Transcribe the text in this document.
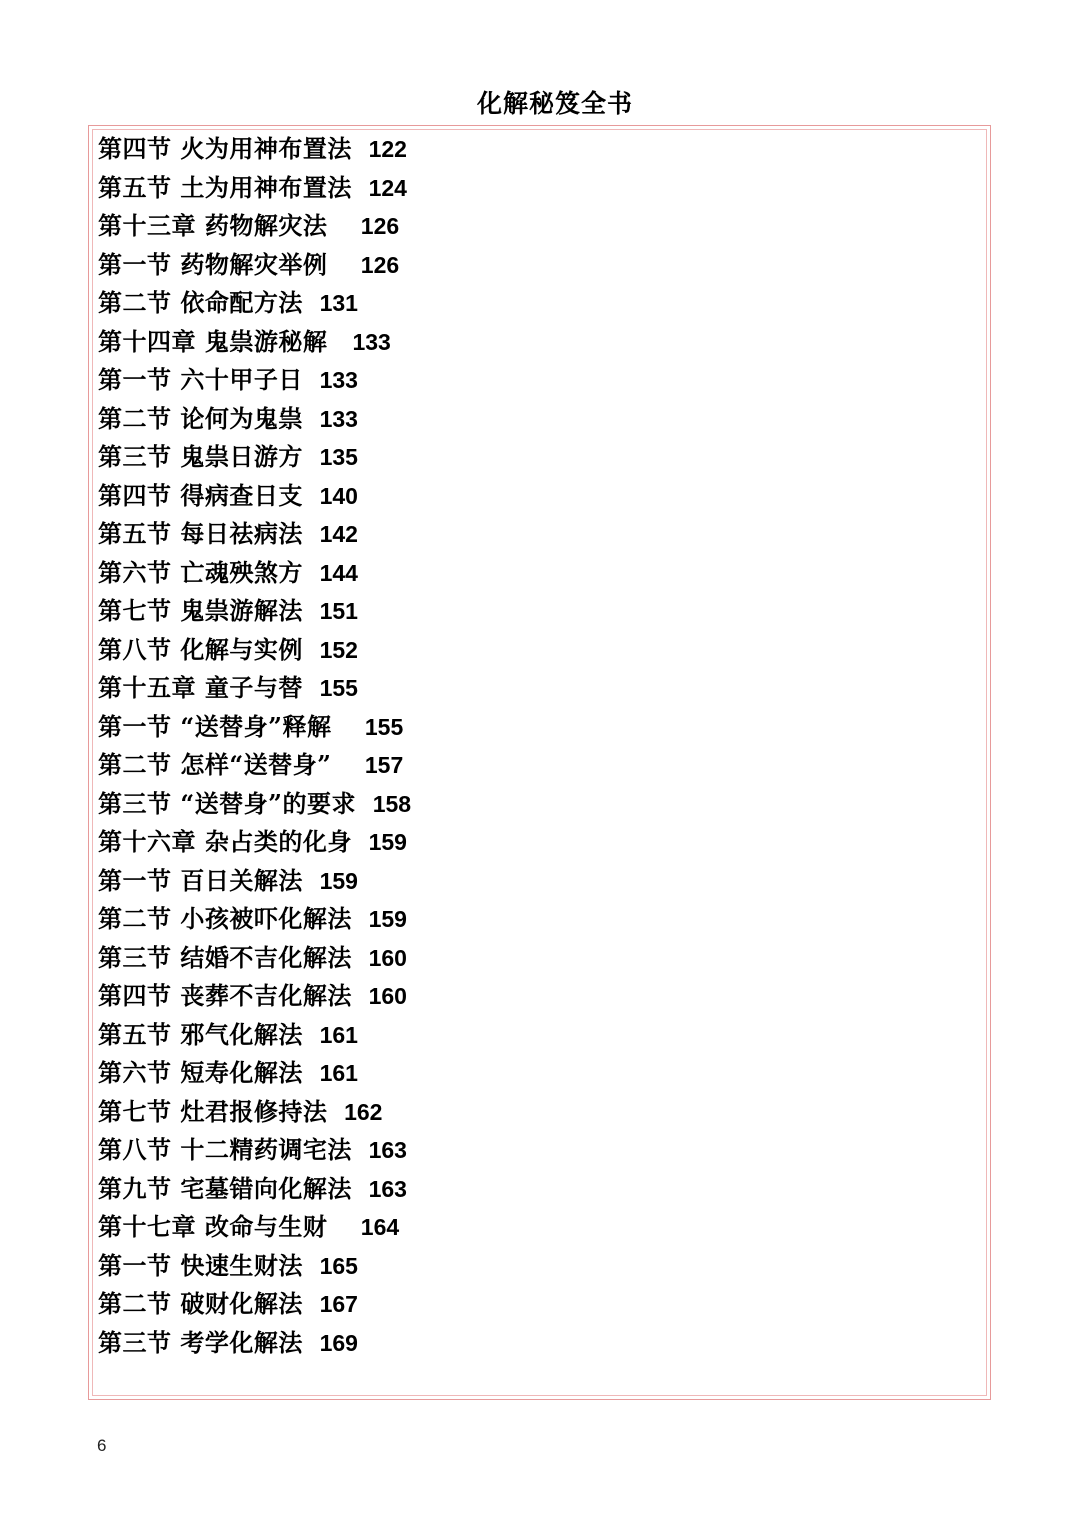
化解秘笈全书
第四节 火为用神布置法 122
第五节 土为用神布置法 124
第十三章 药物解灾法 126
第一节 药物解灾举例 126
第二节 依命配方法 131
第十四章 鬼祟游秘解 133
第一节 六十甲子日 133
第二节 论何为鬼祟 133
第三节 鬼祟日游方 135
第四节 得病查日支 140
第五节 每日祛病法 142
第六节 亡魂殃煞方 144
第七节 鬼祟游解法 151
第八节 化解与实例 152
第十五章 童子与替 155
第一节 “送替身”释解 155
第二节 怎样“送替身” 157
第三节 “送替身”的要求 158
第十六章 杂占类的化身 159
第一节 百日关解法 159
第二节 小孩被吓化解法 159
第三节 结婚不吉化解法 160
第四节 丧葬不吉化解法 160
第五节 邪气化解法 161
第六节 短寿化解法 161
第七节 灶君报修持法 162
第八节 十二精药调宅法 163
第九节 宅墓错向化解法 163
第十七章 改命与生财 164
第一节 快速生财法 165
第二节 破财化解法 167
第三节 考学化解法 169
6
